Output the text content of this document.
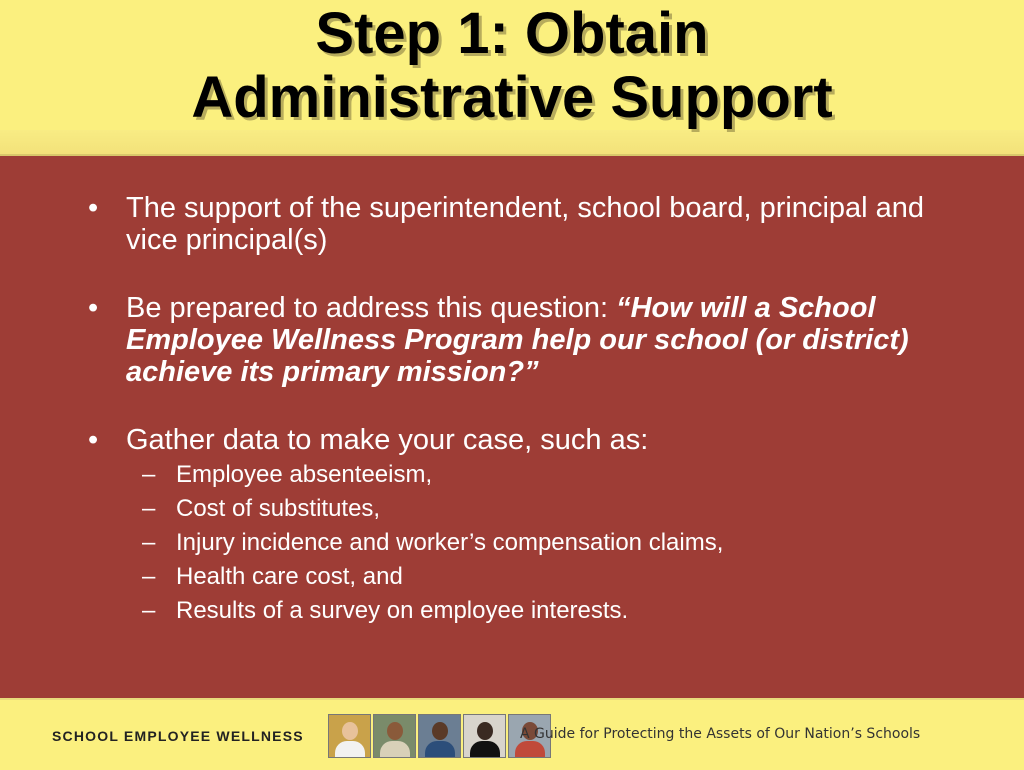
Step 1: Obtain
Administrative Support
• The support of the superintendent, school board, principal and vice principal(s)
• Be prepared to address this question: “How will a School Employee Wellness Program help our school (or district) achieve its primary mission?”
• Gather data to make your case, such as:
– Employee absenteeism,
– Cost of substitutes,
– Injury incidence and worker’s compensation claims,
– Health care cost, and
– Results of a survey on employee interests.
SCHOOL EMPLOYEE WELLNESS	A Guide for Protecting the Assets of Our Nation’s Schools
